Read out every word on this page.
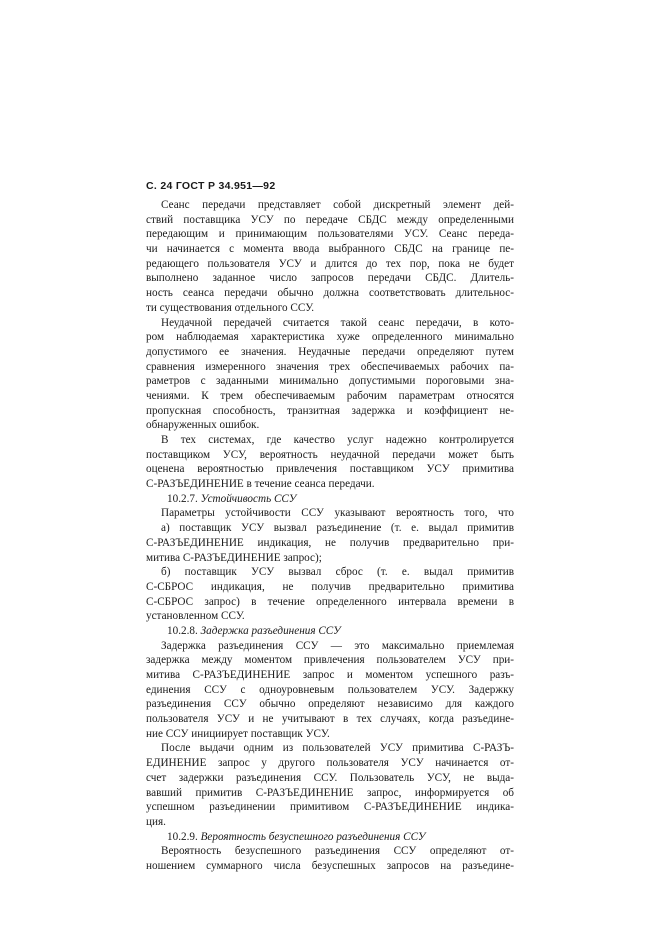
С. 24 ГОСТ Р 34.951—92
Сеанс передачи представляет собой дискретный элемент дей-
ствий поставщика УСУ по передаче СБДС между определенными
передающим и принимающим пользователями УСУ. Сеанс переда-
чи начинается с момента ввода выбранного СБДС на границе пе-
редающего пользователя УСУ и длится до тех пор, пока не будет
выполнено заданное число запросов передачи СБДС. Длитель-
ность сеанса передачи обычно должна соответствовать длительнос-
ти существования отдельного ССУ.
Неудачной передачей считается такой сеанс передачи, в кото-
ром наблюдаемая характеристика хуже определенного минимально
допустимого ее значения. Неудачные передачи определяют путем
сравнения измеренного значения трех обеспечиваемых рабочих па-
раметров с заданными минимально допустимыми пороговыми зна-
чениями. К трем обеспечиваемым рабочим параметрам относятся
пропускная способность, транзитная задержка и коэффициент не-
обнаруженных ошибок.
В тех системах, где качество услуг надежно контролируется
поставщиком УСУ, вероятность неудачной передачи может быть
оценена вероятностью привлечения поставщиком УСУ примитива
С-РАЗЪЕДИНЕНИЕ в течение сеанса передачи.
10.2.7. Устойчивость ССУ
Параметры устойчивости ССУ указывают вероятность того, что
а) поставщик УСУ вызвал разъединение (т. е. выдал примитив
С-РАЗЪЕДИНЕНИЕ индикация, не получив предварительно при-
митива С-РАЗЪЕДИНЕНИЕ запрос);
б) поставщик УСУ вызвал сброс (т. е. выдал примитив
С-СБРОС индикация, не получив предварительно примитива
С-СБРОС запрос) в течение определенного интервала времени в
установленном ССУ.
10.2.8. Задержка разъединения ССУ
Задержка разъединения ССУ — это максимально приемлемая
задержка между моментом привлечения пользователем УСУ при-
митива С-РАЗЪЕДИНЕНИЕ запрос и моментом успешного разъ-
единения ССУ с одноуровневым пользователем УСУ. Задержку
разъединения ССУ обычно определяют независимо для каждого
пользователя УСУ и не учитывают в тех случаях, когда разъедине-
ние ССУ инициирует поставщик УСУ.
После выдачи одним из пользователей УСУ примитива С-РАЗЪ-
ЕДИНЕНИЕ запрос у другого пользователя УСУ начинается от-
счет задержки разъединения ССУ. Пользователь УСУ, не выда-
вавший примитив С-РАЗЪЕДИНЕНИЕ запрос, информируется об
успешном разъединении примитивом С-РАЗЪЕДИНЕНИЕ индика-
ция.
10.2.9. Вероятность безуспешного разъединения ССУ
Вероятность безуспешного разъединения ССУ определяют от-
ношением суммарного числа безуспешных запросов на разъедине-
